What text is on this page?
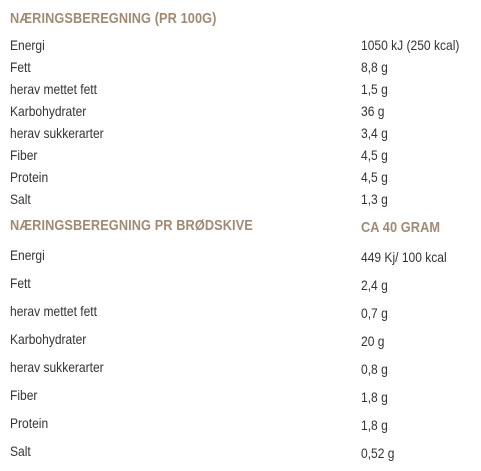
NÆRINGSBEREGNING (PR 100G)
Energi	1050 kJ (250 kcal)
Fett	8,8 g
herav mettet fett	1,5 g
Karbohydrater	36 g
herav sukkerarter	3,4 g
Fiber	4,5 g
Protein	4,5 g
Salt	1,3 g
NÆRINGSBEREGNING PR BRØDSKIVE	CA 40 GRAM
Energi	449 Kj/ 100 kcal
Fett	2,4 g
herav mettet fett	0,7 g
Karbohydrater	20 g
herav sukkerarter	0,8 g
Fiber	1,8 g
Protein	1,8 g
Salt	0,52 g
